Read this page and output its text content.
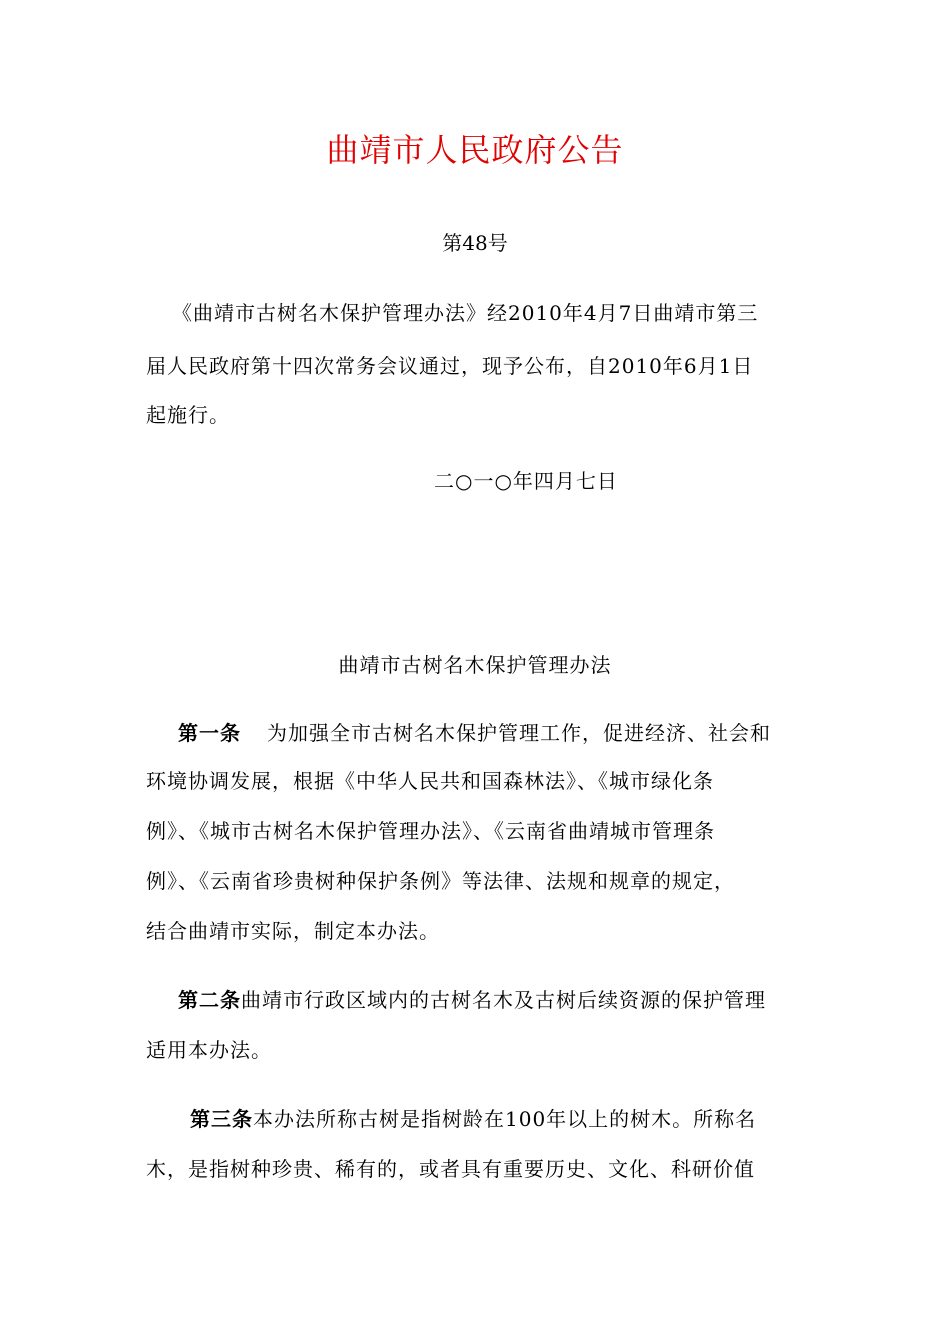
曲靖市人民政府公告
第48号
《曲靖市古树名木保护管理办法》经2010年4月7日曲靖市第三
届人民政府第十四次常务会议通过，现予公布，自2010年6月1日
起施行。
二○一○年四月七日
曲靖市古树名木保护管理办法
第一条 为加强全市古树名木保护管理工作，促进经济、社会和
环境协调发展，根据《中华人民共和国森林法》、《城市绿化条
例》、《城市古树名木保护管理办法》、《云南省曲靖城市管理条
例》、《云南省珍贵树种保护条例》等法律、法规和规章的规定，
结合曲靖市实际，制定本办法。
第二条曲靖市行政区域内的古树名木及古树后续资源的保护管理
适用本办法。
第三条本办法所称古树是指树龄在100年以上的树木。所称名
木，是指树种珍贵、稀有的，或者具有重要历史、文化、科研价值
